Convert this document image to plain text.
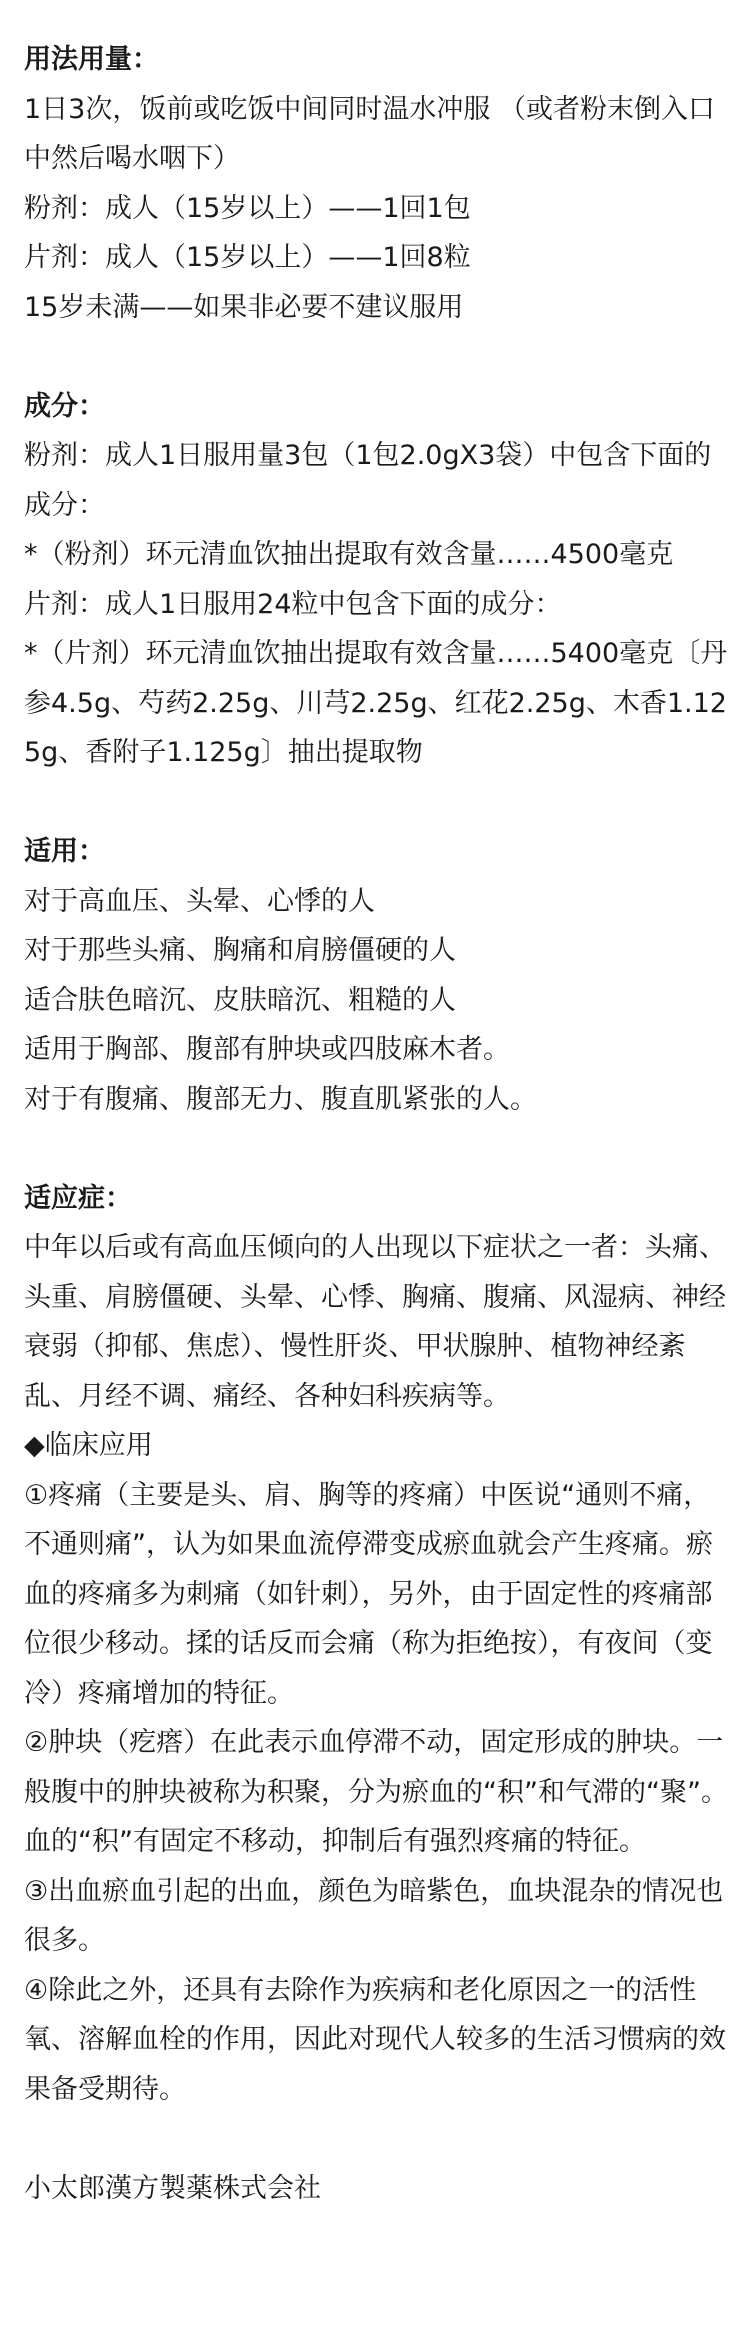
用法用量：

1日3次，饭前或吃饭中间同时温水冲服 （或者粉末倒入口中然后喝水咽下）

粉剂：成人（15岁以上）——1回1包

片剂：成人（15岁以上）——1回8粒

15岁未满——如果非必要不建议服用

成分：

粉剂：成人1日服用量3包（1包2.0gX3袋）中包含下面的成分：

*（粉剂）环元清血饮抽出提取有效含量……4500毫克

片剂：成人1日服用24粒中包含下面的成分：

*（片剂）环元清血饮抽出提取有效含量……5400毫克〔丹参4.5g、芍药2.25g、川芎2.25g、红花2.25g、木香1.125g、香附子1.125g〕抽出提取物

适用：

对于高血压、头晕、心悸的人

对于那些头痛、胸痛和肩膀僵硬的人

适合肤色暗沉、皮肤暗沉、粗糙的人

适用于胸部、腹部有肿块或四肢麻木者。

对于有腹痛、腹部无力、腹直肌紧张的人。

适应症：

中年以后或有高血压倾向的人出现以下症状之一者：头痛、头重、肩膀僵硬、头晕、心悸、胸痛、腹痛、风湿病、神经衰弱（抑郁、焦虑）、慢性肝炎、甲状腺肿、植物神经紊乱、月经不调、痛经、各种妇科疾病等。

◆临床应用

①疼痛（主要是头、肩、胸等的疼痛）中医说“通则不痛，不通则痛”，认为如果血流停滞变成瘀血就会产生疼痛。瘀血的疼痛多为刺痛（如针刺），另外，由于固定性的疼痛部位很少移动。揉的话反而会痛（称为拒绝按），有夜间（变冷）疼痛增加的特征。

②肿块（疙瘩）在此表示血停滞不动，固定形成的肿块。一般腹中的肿块被称为积聚，分为瘀血的“积”和气滞的“聚”。血的“积”有固定不移动，抑制后有强烈疼痛的特征。

③出血瘀血引起的出血，颜色为暗紫色，血块混杂的情况也很多。

④除此之外，还具有去除作为疾病和老化原因之一的活性氧、溶解血栓的作用，因此对现代人较多的生活习惯病的效果备受期待。

小太郎漢方製薬株式会社
